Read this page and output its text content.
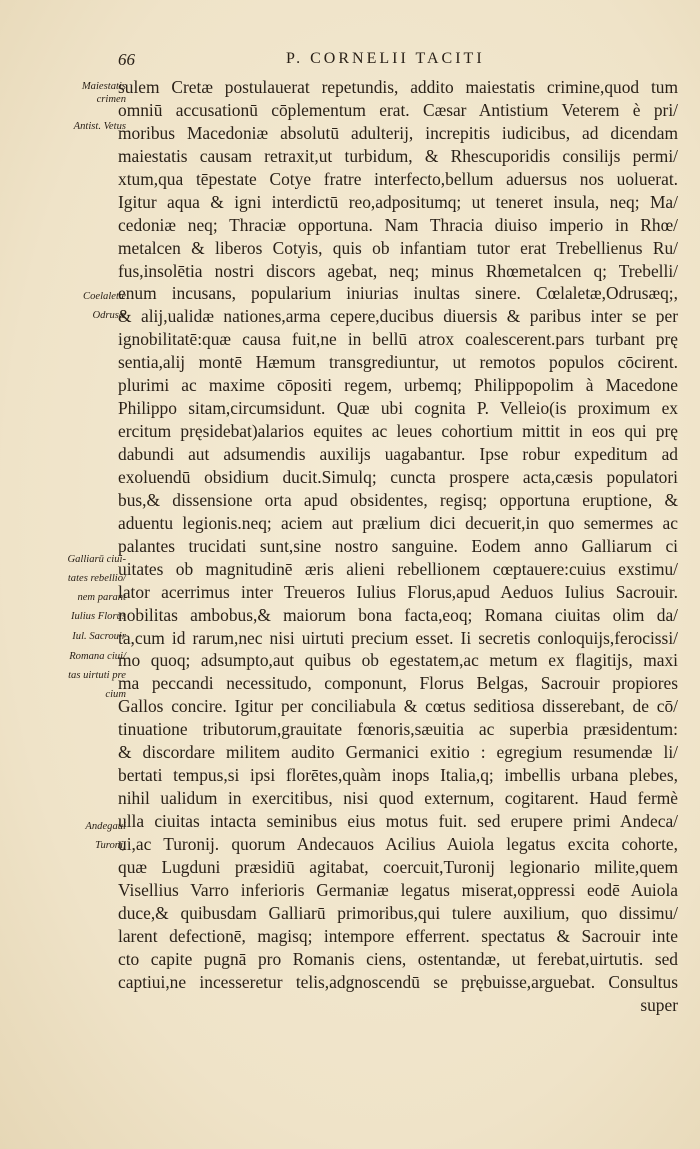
66	P. CORNELII TACITI
sulem Cretæ postulauerat repetundis, addito maiestatis crimine,quod tum
omniū accusationū cōplementum erat. Cæsar Antistium Veterem è pri/
moribus Macedoniæ absolutū adulterij, increpitis iudicibus, ad dicendam
maiestatis causam retraxit,ut turbidum, & Rhescuporidis consilijs permi/
xtum,qua tēpestate Cotye fratre interfecto,bellum aduersus nos uoluerat.
Igitur aqua & igni interdictū reo,adpositumq; ut teneret insula, neq; Ma/
cedoniæ neq; Thraciæ opportuna. Nam Thracia diuiso imperio in Rhœ/
metalcen & liberos Cotyis, quis ob infantiam tutor erat Trebellienus Ru/
fus,insolētia nostri discors agebat, neq; minus Rhœmetalcen q; Trebelli/
enum incusans, popularium iniurias inultas sinere. Cœlaletæ,Odrusæq;,
& alij,ualidæ nationes,arma cepere,ducibus diuersis & paribus inter se per
ignobilitatē:quæ causa fuit,ne in bellū atrox coalescerent.pars turbant prę
sentia,alij montē Hæmum transgrediuntur, ut remotos populos cōcirent.
plurimi ac maxime cōpositi regem, urbemq; Philippopolim à Macedone
Philippo sitam,circumsidunt. Quæ ubi cognita P. Velleio(is proximum ex
ercitum pręsidebat)alarios equites ac leues cohortium mittit in eos qui prę
dabundi aut adsumendis auxilijs uagabantur. Ipse robur expeditum ad
exoluendū obsidium ducit.Simulq; cuncta prospere acta,cæsis populatori
bus,& dissensione orta apud obsidentes, regisq; opportuna eruptione, &
aduentu legionis.neq; aciem aut prælium dici decuerit,in quo semermes ac
palantes trucidati sunt,sine nostro sanguine. Eodem anno Galliarum ci
uitates ob magnitudinē æris alieni rebellionem cœptauere:cuius exstimu/
lator acerrimus inter Treueros Iulius Florus,apud Aeduos Iulius Sacrouir.
nobilitas ambobus,& maiorum bona facta,eoq; Romana ciuitas olim da/
ta,cum id rarum,nec nisi uirtuti precium esset. Ii secretis conloquijs,ferocissi/
mo quoq; adsumpto,aut quibus ob egestatem,ac metum ex flagitijs, maxi
ma peccandi necessitudo, componunt, Florus Belgas, Sacrouir propiores
Gallos concire. Igitur per conciliabula & cœtus seditiosa disserebant, de cō/
tinuatione tributorum,grauitate fœnoris,sæuitia ac superbia præsidentum:
& discordare militem audito Germanici exitio : egregium resumendæ li/
bertati tempus,si ipsi florētes,quàm inops Italia,q; imbellis urbana plebes,
nihil ualidum in exercitibus, nisi quod externum, cogitarent. Haud fermè
ulla ciuitas intacta seminibus eius motus fuit. sed erupere primi Andeca/
ui,ac Turonij. quorum Andecauos Acilius Auiola legatus excita cohorte,
quæ Lugduni præsidiū agitabat, coercuit,Turonij legionario milite,quem
Visellius Varro inferioris Germaniæ legatus miserat,oppressi eodē Auiola
duce,& quibusdam Galliarū primoribus,qui tulere auxilium, quo dissimu/
larent defectionē, magisq; intempore efferrent. spectatus & Sacrouir inte
cto capite pugnā pro Romanis ciens, ostentandæ, ut ferebat,uirtutis. sed
captiui,ne incesseretur telis,adgnoscendū se prębuisse,arguebat. Consultus
super
Maiestatis
crimen
Antist. Vetus
Coelaletæ
Odrusæ
Galliarū ciui-
tates rebellio/
nem parant
Iulius Florus
Iul. Sacrouir
Romana ciui/
tas uirtuti pre
cium
Andegaui
Turonij
